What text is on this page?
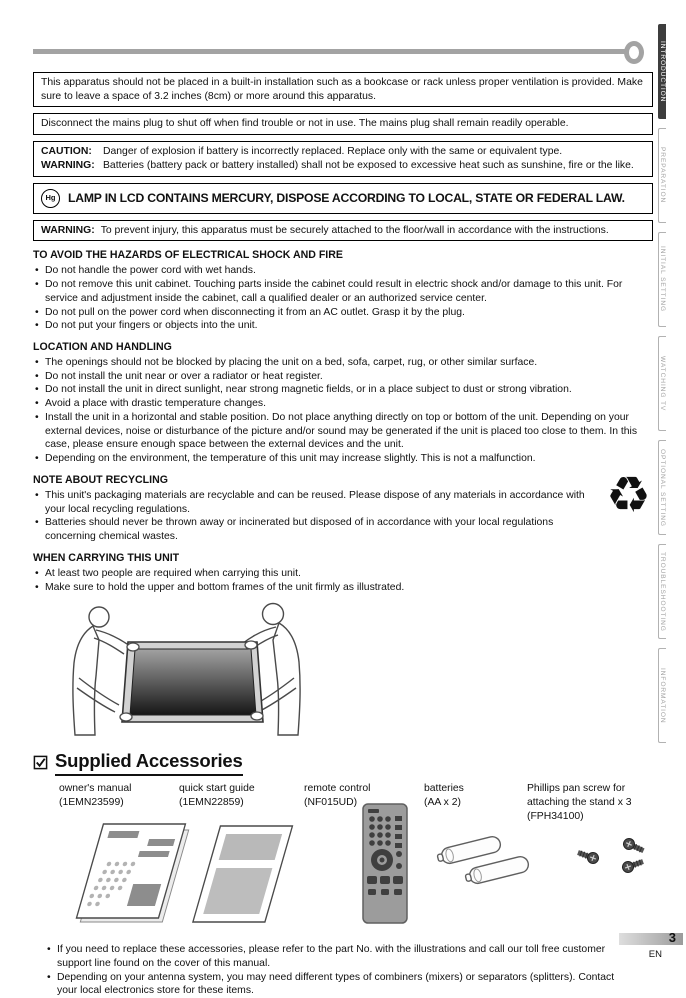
INTRODUCTION
PREPARATION
INITIAL SETTING
WATCHING TV
OPTIONAL SETTING
TROUBLESHOOTING
INFORMATION
This apparatus should not be placed in a built-in installation such as a bookcase or rack unless proper ventilation is provided. Make sure to leave a space of 3.2 inches (8cm) or more around this apparatus.
Disconnect the mains plug to shut off when find trouble or not in use. The mains plug shall remain readily operable.
CAUTION:	Danger of explosion if battery is incorrectly replaced. Replace only with the same or equivalent type.
WARNING: Batteries (battery pack or battery installed) shall not be exposed to excessive heat such as sunshine, fire or the like.
Hg	LAMP IN LCD CONTAINS MERCURY, DISPOSE ACCORDING TO LOCAL, STATE OR FEDERAL LAW.
WARNING: To prevent injury, this apparatus must be securely attached to the floor/wall in accordance with the instructions.
TO AVOID THE HAZARDS OF ELECTRICAL SHOCK AND FIRE
• Do not handle the power cord with wet hands.
• Do not remove this unit cabinet. Touching parts inside the cabinet could result in electric shock and/or damage to this unit. For service and adjustment inside the cabinet, call a qualified dealer or an authorized service center.
• Do not pull on the power cord when disconnecting it from an AC outlet. Grasp it by the plug.
• Do not put your fingers or objects into the unit.
LOCATION AND HANDLING
• The openings should not be blocked by placing the unit on a bed, sofa, carpet, rug, or other similar surface.
• Do not install the unit near or over a radiator or heat register.
• Do not install the unit in direct sunlight, near strong magnetic fields, or in a place subject to dust or strong vibration.
• Avoid a place with drastic temperature changes.
• Install the unit in a horizontal and stable position. Do not place anything directly on top or bottom of the unit. Depending on your external devices, noise or disturbance of the picture and/or sound may be generated if the unit is placed too close to them. In this case, please ensure enough space between the external devices and the unit.
• Depending on the environment, the temperature of this unit may increase slightly. This is not a malfunction.
♻
NOTE ABOUT RECYCLING
• This unit's packaging materials are recyclable and can be reused. Please dispose of any materials in accordance with your local recycling regulations.
• Batteries should never be thrown away or incinerated but disposed of in accordance with your local regulations concerning chemical wastes.
WHEN CARRYING THIS UNIT
• At least two people are required when carrying this unit.
• Make sure to hold the upper and bottom frames of the unit firmly as illustrated.
Supplied Accessories
owner's manual
(1EMN23599)
quick start guide
(1EMN22859)
remote control
(NF015UD)
batteries
(AA x 2)
Phillips pan screw for attaching the stand x 3
(FPH34100)
• If you need to replace these accessories, please refer to the part No. with the illustrations and call our toll free customer support line found on the cover of this manual.
• Depending on your antenna system, you may need different types of combiners (mixers) or separators (splitters). Contact your local electronics store for these items.
3
EN
